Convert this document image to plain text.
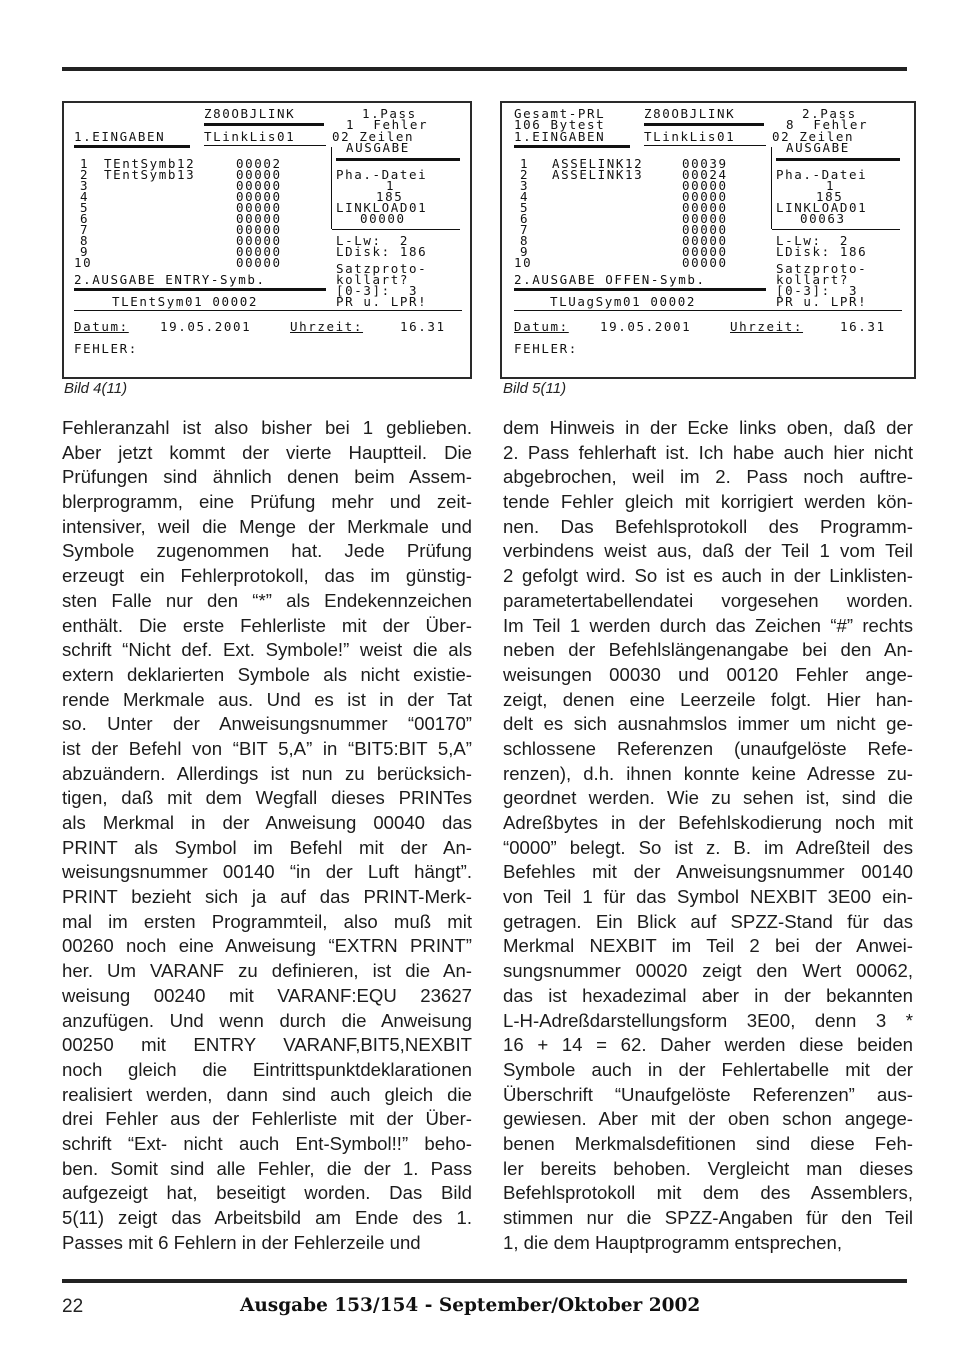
Z80OBJLINK	1.Pass
1  Fehler
1.EINGABEN	TLinkLis01	02 Zeilen
AUSGABE
1 TEntSymb12	00002
2 TEntSymb13	00000
3	00000
4	00000
5	00000
6	00000
7	00000
8	00000
9	00000
10	00000
Pha.-Datei
1
185
LINKLOAD01
00000
L-Lw:  2
LDisk: 186
Satzproto-
kollart?
[0-3]:  3
PR u. LPR!
2.AUSGABE ENTRY-Symb.
TLEntSym01 00002
Datum: 19.05.2001	Uhrzeit:	16.31
FEHLER:
Gesamt-PRL
106 Bytest
Z80OBJLINK	2.Pass
8  Fehler
1.EINGABEN	TLinkLis01	02 Zeilen
AUSGABE
1 ASSELINK12	00039
2 ASSELINK13	00024
3	00000
4	00000
5	00000
6	00000
7	00000
8	00000
9	00000
10	00000
Pha.-Datei
1
185
LINKLOAD01
00063
L-Lw:  2
LDisk: 186
Satzproto-
kollart?
[0-3]:  3
PR u. LPR!
2.AUSGABE OFFEN-Symb.
TLUagSym01 00002
Datum: 19.05.2001	Uhrzeit:	16.31
FEHLER:
Bild 4(11)	Bild 5(11)
Fehleranzahl ist also bisher bei 1 geblieben.
Aber jetzt kommt der vierte Hauptteil. Die
Prüfungen sind ähnlich denen beim Assem-
blerprogramm, eine Prüfung mehr und zeit-
intensiver, weil die Menge der Merkmale und
Symbole zugenommen hat. Jede Prüfung
erzeugt ein Fehlerprotokoll, das im günstig-
sten Falle nur den “*” als Endekennzeichen
enthält. Die erste Fehlerliste mit der Über-
schrift “Nicht def. Ext. Symbole!” weist die als
extern deklarierten Symbole als nicht existie-
rende Merkmale aus. Und es ist in der Tat
so. Unter der Anweisungsnummer “00170”
ist der Befehl von “BIT 5,A” in “BIT5:BIT 5,A”
abzuändern. Allerdings ist nun zu berücksich-
tigen, daß mit dem Wegfall dieses PRINTes
als Merkmal in der Anweisung 00040 das
PRINT als Symbol im Befehl mit der An-
weisungsnummer 00140 “in der Luft hängt”.
PRINT bezieht sich ja auf das PRINT-Merk-
mal im ersten Programmteil, also muß mit
00260 noch eine Anweisung “EXTRN PRINT”
her. Um VARANF zu definieren, ist die An-
weisung 00240 mit VARANF:EQU 23627
anzufügen. Und wenn durch die Anweisung
00250 mit ENTRY VARANF,BIT5,NEXBIT
noch gleich die Eintrittspunktdeklarationen
realisiert werden, dann sind auch gleich die
drei Fehler aus der Fehlerliste mit der Über-
schrift “Ext- nicht auch Ent-Symbol!!” beho-
ben. Somit sind alle Fehler, die der 1. Pass
aufgezeigt hat, beseitigt worden. Das Bild
5(11) zeigt das Arbeitsbild am Ende des 1.
Passes mit 6 Fehlern in der Fehlerzeile und
dem Hinweis in der Ecke links oben, daß der
2. Pass fehlerhaft ist. Ich habe auch hier nicht
abgebrochen, weil im 2. Pass noch auftre-
tende Fehler gleich mit korrigiert werden kön-
nen. Das Befehlsprotokoll des Programm-
verbindens weist aus, daß der Teil 1 vom Teil
2 gefolgt wird. So ist es auch in der Linklisten-
parametertabellendatei vorgesehen worden.
Im Teil 1 werden durch das Zeichen “#” rechts
neben der Befehlslängenangabe bei den An-
weisungen 00030 und 00120 Fehler ange-
zeigt, denen eine Leerzeile folgt. Hier han-
delt es sich ausnahmslos immer um nicht ge-
schlossene Referenzen (unaufgelöste Refe-
renzen), d.h. ihnen konnte keine Adresse zu-
geordnet werden. Wie zu sehen ist, sind die
Adreßbytes in der Befehlskodierung noch mit
“0000” belegt. So ist z. B. im Adreßteil des
Befehles mit der Anweisungsnummer 00140
von Teil 1 für das Symbol NEXBIT 3E00 ein-
getragen. Ein Blick auf SPZZ-Stand für das
Merkmal NEXBIT im Teil 2 bei der Anwei-
sungsnummer 00020 zeigt den Wert 00062,
das ist hexadezimal aber in der bekannten
L-H-Adreßdarstellungsform 3E00, denn 3 *
16 + 14 = 62. Daher werden diese beiden
Symbole auch in der Fehlertabelle mit der
Überschrift “Unaufgelöste Referenzen” aus-
gewiesen. Aber mit der oben schon angege-
benen Merkmalsdefitionen sind diese Feh-
ler bereits behoben. Vergleicht man dieses
Befehlsprotokoll mit dem des Assemblers,
stimmen nur die SPZZ-Angaben für den Teil
1, die dem Hauptprogramm entsprechen,
22	Ausgabe 153/154 - September/Oktober 2002
